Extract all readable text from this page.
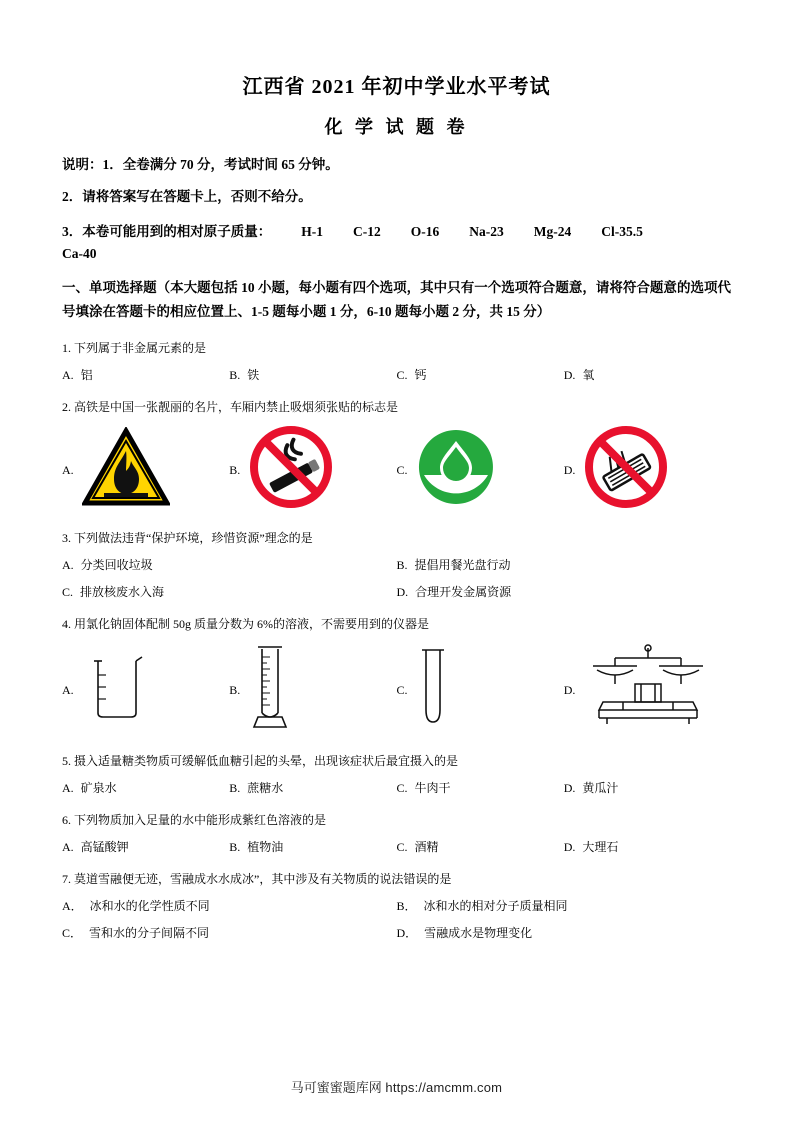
江西省 2021 年初中学业水平考试
化 学 试 题 卷
说明：1．全卷满分 70 分，考试时间 65 分钟。
2．请将答案写在答题卡上，否则不给分。
3．本卷可能用到的相对原子质量： H-1 C-12 O-16 Na-23 Mg-24 Cl-35.5
Ca-40
一、单项选择题（本大题包括 10 小题，每小题有四个选项，其中只有一个选项符合题意，请将符合题意的选项代号填涂在答题卡的相应位置上、1-5 题每小题 1 分，6-10 题每小题 2 分，共 15 分）
1. 下列属于非金属元素的是
A. 铝	B. 铁	C. 钙	D. 氧
2. 高铁是中国一张靓丽的名片，车厢内禁止吸烟须张贴的标志是
A.	B.	C.	D.
3. 下列做法违背“保护环境，珍惜资源”理念的是
A. 分类回收垃圾	B. 提倡用餐光盘行动
C. 排放核废水入海	D. 合理开发金属资源
4. 用氯化钠固体配制 50g 质量分数为 6%的溶液，不需要用到的仪器是
A.	B.	C.	D.
5. 摄入适量糖类物质可缓解低血糖引起的头晕，出现该症状后最宜摄入的是
A. 矿泉水	B. 蔗糖水	C. 牛肉干	D. 黄瓜汁
6. 下列物质加入足量的水中能形成紫红色溶液的是
A. 高锰酸钾	B. 植物油	C. 酒精	D. 大理石
7. 莫道雪融便无迹，雪融成水水成冰”，其中涉及有关物质的说法错误的是
A． 冰和水的化学性质不同	B． 冰和水的相对分子质量相同
C． 雪和水的分子间隔不同	D． 雪融成水是物理变化
马可蜜蜜题库网 https://amcmm.com
